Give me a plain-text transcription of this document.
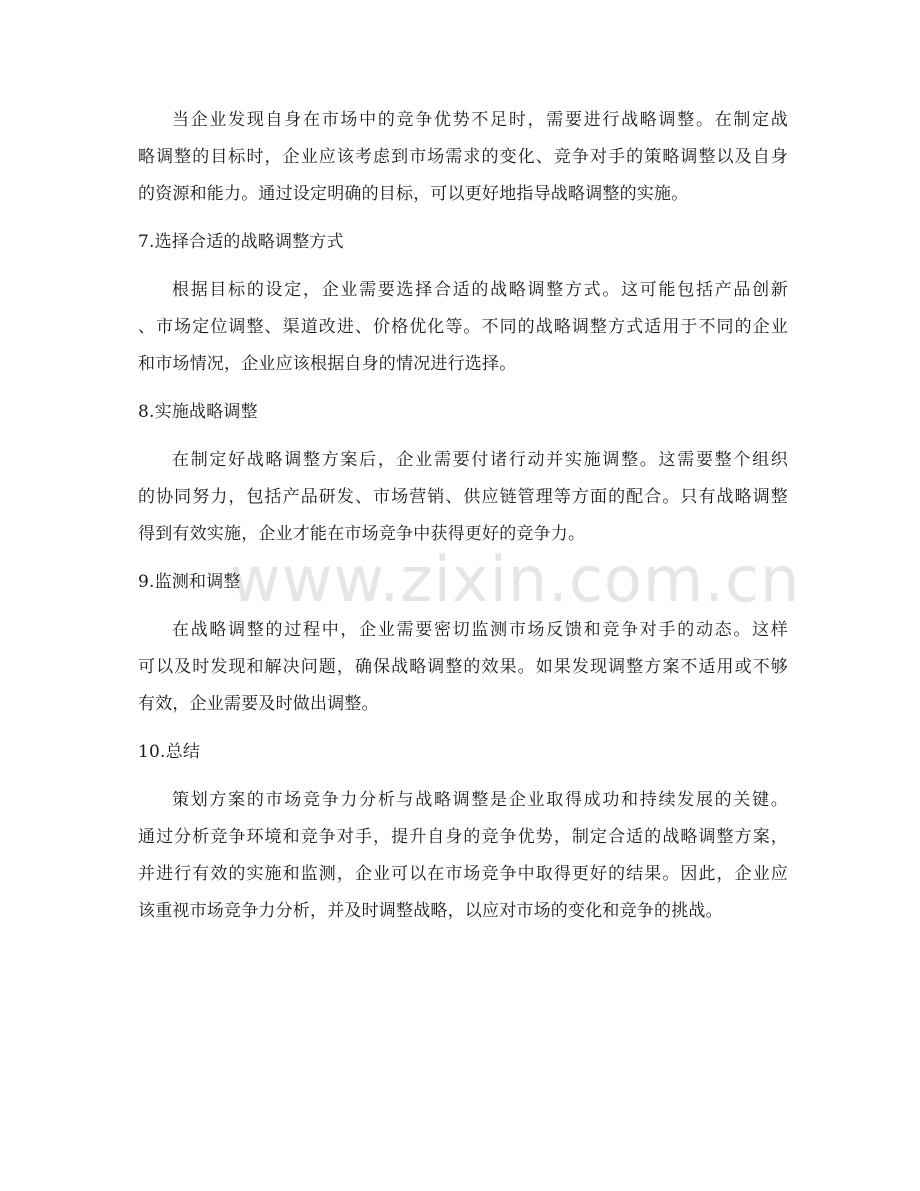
www.zixin.com.cn
当企业发现自身在市场中的竞争优势不足时，需要进行战略调整。在制定战
略调整的目标时，企业应该考虑到市场需求的变化、竞争对手的策略调整以及自身
的资源和能力。通过设定明确的目标，可以更好地指导战略调整的实施。
7.选择合适的战略调整方式
根据目标的设定，企业需要选择合适的战略调整方式。这可能包括产品创新
、市场定位调整、渠道改进、价格优化等。不同的战略调整方式适用于不同的企业
和市场情况，企业应该根据自身的情况进行选择。
8.实施战略调整
在制定好战略调整方案后，企业需要付诸行动并实施调整。这需要整个组织
的协同努力，包括产品研发、市场营销、供应链管理等方面的配合。只有战略调整
得到有效实施，企业才能在市场竞争中获得更好的竞争力。
9.监测和调整
在战略调整的过程中，企业需要密切监测市场反馈和竞争对手的动态。这样
可以及时发现和解决问题，确保战略调整的效果。如果发现调整方案不适用或不够
有效，企业需要及时做出调整。
10.总结
策划方案的市场竞争力分析与战略调整是企业取得成功和持续发展的关键。
通过分析竞争环境和竞争对手，提升自身的竞争优势，制定合适的战略调整方案，
并进行有效的实施和监测，企业可以在市场竞争中取得更好的结果。因此，企业应
该重视市场竞争力分析，并及时调整战略，以应对市场的变化和竞争的挑战。
